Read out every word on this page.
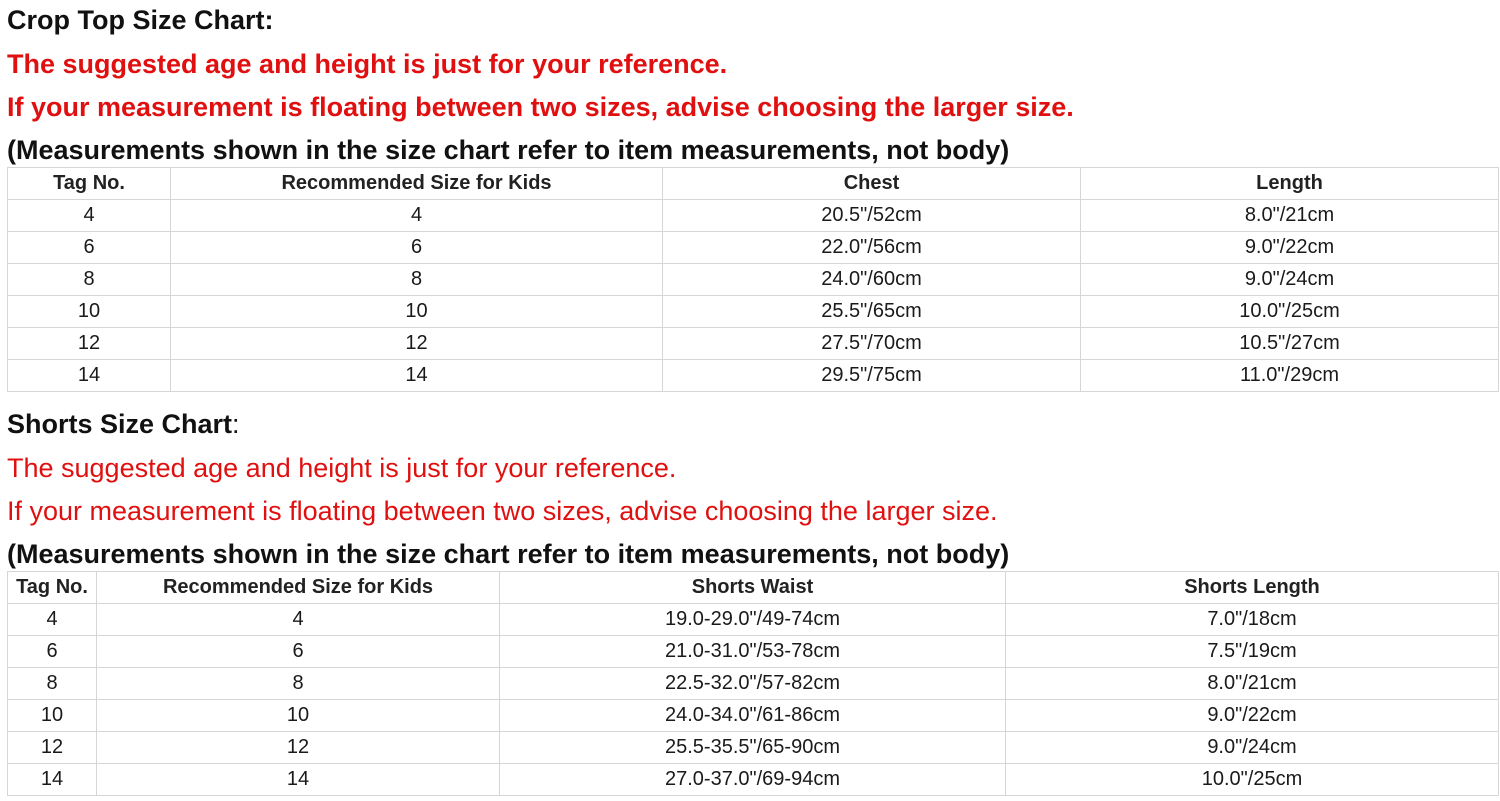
Crop Top Size Chart:
The suggested age and height is just for your reference.
If your measurement is floating between two sizes, advise choosing the larger size.
(Measurements shown in the size chart refer to item measurements, not body)
Tag No.	Recommended Size for Kids	Chest	Length
4	4	20.5"/52cm	8.0"/21cm
6	6	22.0"/56cm	9.0"/22cm
8	8	24.0"/60cm	9.0"/24cm
10	10	25.5"/65cm	10.0"/25cm
12	12	27.5"/70cm	10.5"/27cm
14	14	29.5"/75cm	11.0"/29cm
Shorts Size Chart:
The suggested age and height is just for your reference.
If your measurement is floating between two sizes, advise choosing the larger size.
(Measurements shown in the size chart refer to item measurements, not body)
Tag No.	Recommended Size for Kids	Shorts Waist	Shorts Length
4	4	19.0-29.0"/49-74cm	7.0"/18cm
6	6	21.0-31.0"/53-78cm	7.5"/19cm
8	8	22.5-32.0"/57-82cm	8.0"/21cm
10	10	24.0-34.0"/61-86cm	9.0"/22cm
12	12	25.5-35.5"/65-90cm	9.0"/24cm
14	14	27.0-37.0"/69-94cm	10.0"/25cm
